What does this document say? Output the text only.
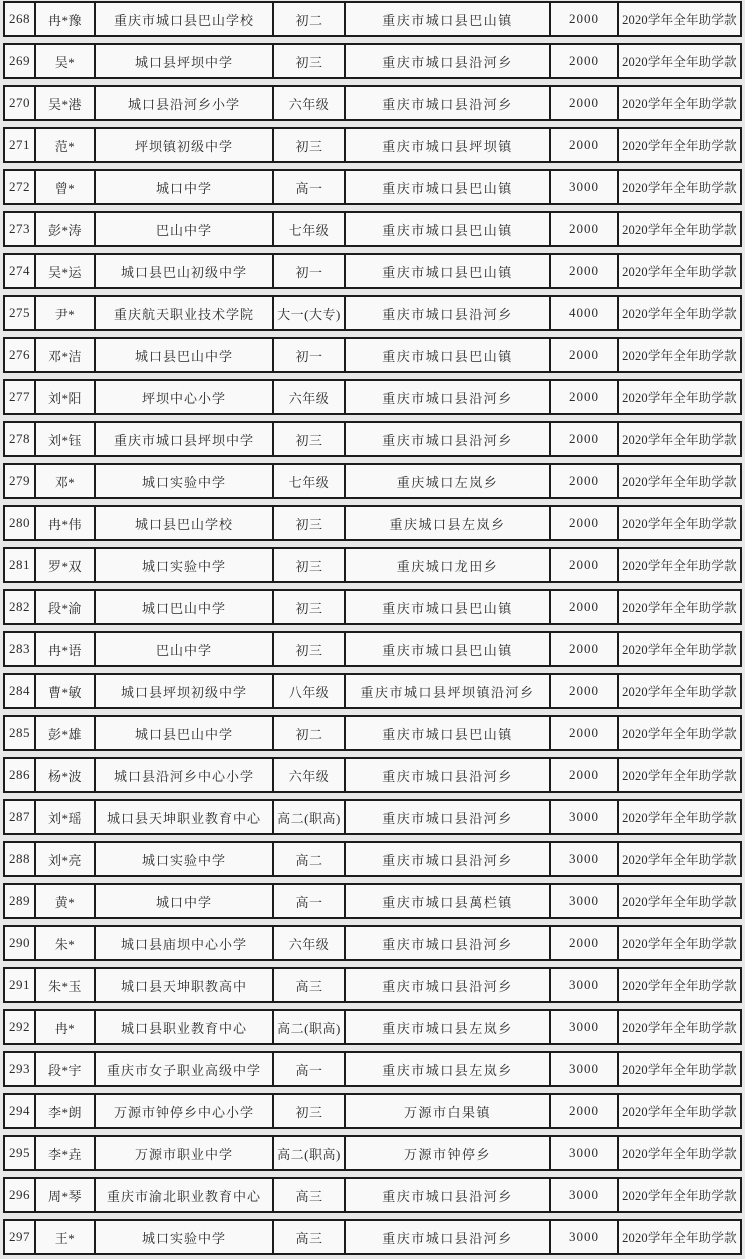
268	冉*豫	重庆市城口县巴山学校	初二	重庆市城口县巴山镇	2000	2020学年全年助学款
269	吴*	城口县坪坝中学	初三	重庆市城口县沿河乡	2000	2020学年全年助学款
270	吴*港	城口县沿河乡小学	六年级	重庆市城口县沿河乡	2000	2020学年全年助学款
271	范*	坪坝镇初级中学	初三	重庆市城口县坪坝镇	2000	2020学年全年助学款
272	曾*	城口中学	高一	重庆市城口县巴山镇	3000	2020学年全年助学款
273	彭*涛	巴山中学	七年级	重庆市城口县巴山镇	2000	2020学年全年助学款
274	吴*运	城口县巴山初级中学	初一	重庆市城口县巴山镇	2000	2020学年全年助学款
275	尹*	重庆航天职业技术学院	大一(大专)	重庆市城口县沿河乡	4000	2020学年全年助学款
276	邓*洁	城口县巴山中学	初一	重庆市城口县巴山镇	2000	2020学年全年助学款
277	刘*阳	坪坝中心小学	六年级	重庆市城口县沿河乡	2000	2020学年全年助学款
278	刘*钰	重庆市城口县坪坝中学	初三	重庆市城口县沿河乡	2000	2020学年全年助学款
279	邓*	城口实验中学	七年级	重庆城口左岚乡	2000	2020学年全年助学款
280	冉*伟	城口县巴山学校	初三	重庆城口县左岚乡	2000	2020学年全年助学款
281	罗*双	城口实验中学	初三	重庆城口龙田乡	2000	2020学年全年助学款
282	段*渝	城口巴山中学	初三	重庆市城口县巴山镇	2000	2020学年全年助学款
283	冉*语	巴山中学	初三	重庆市城口县巴山镇	2000	2020学年全年助学款
284	曹*敏	城口县坪坝初级中学	八年级	重庆市城口县坪坝镇沿河乡	2000	2020学年全年助学款
285	彭*雄	城口县巴山中学	初二	重庆市城口县巴山镇	2000	2020学年全年助学款
286	杨*波	城口县沿河乡中心小学	六年级	重庆市城口县沿河乡	2000	2020学年全年助学款
287	刘*瑶	城口县天坤职业教育中心	高二(职高)	重庆市城口县沿河乡	3000	2020学年全年助学款
288	刘*亮	城口实验中学	高二	重庆市城口县沿河乡	3000	2020学年全年助学款
289	黄*	城口中学	高一	重庆市城口县萬栏镇	3000	2020学年全年助学款
290	朱*	城口县庙坝中心小学	六年级	重庆市城口县沿河乡	2000	2020学年全年助学款
291	朱*玉	城口县天坤职教高中	高三	重庆市城口县沿河乡	3000	2020学年全年助学款
292	冉*	城口县职业教育中心	高二(职高)	重庆市城口县左岚乡	3000	2020学年全年助学款
293	段*宇	重庆市女子职业高级中学	高一	重庆市城口县左岚乡	3000	2020学年全年助学款
294	李*朗	万源市钟停乡中心小学	初三	万源市白果镇	2000	2020学年全年助学款
295	李*垚	万源市职业中学	高二(职高)	万源市钟停乡	3000	2020学年全年助学款
296	周*琴	重庆市渝北职业教育中心	高三	重庆市城口县沿河乡	3000	2020学年全年助学款
297	王*	城口实验中学	高三	重庆市城口县沿河乡	3000	2020学年全年助学款
